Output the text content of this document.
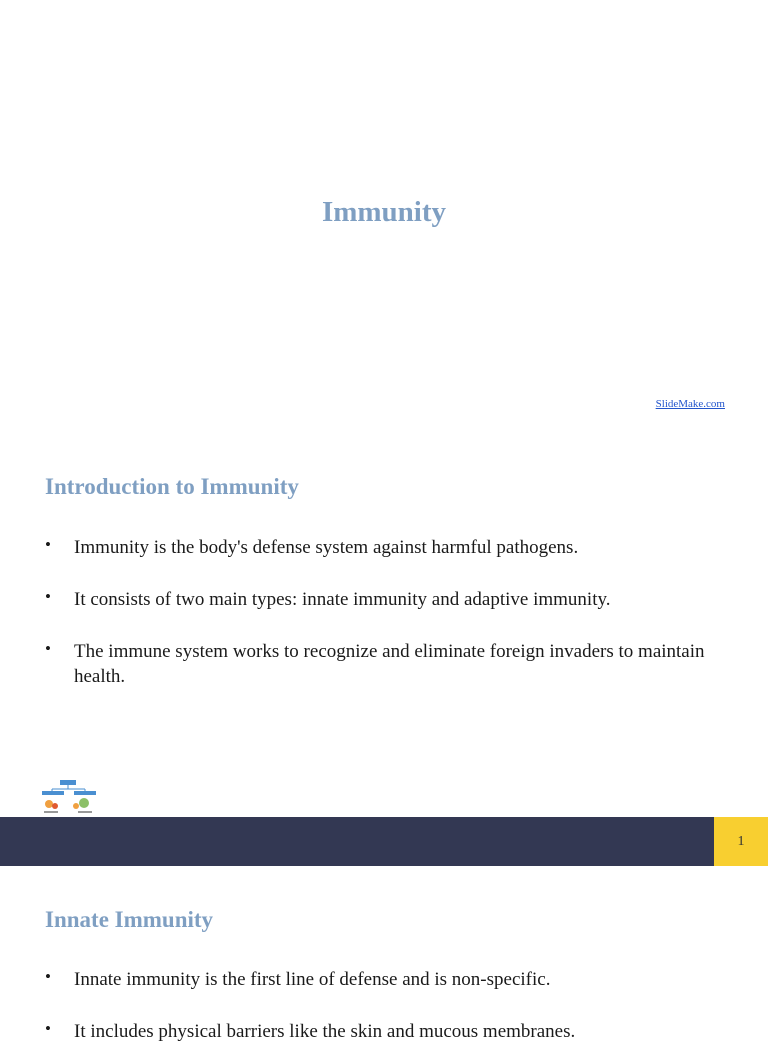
Immunity
SlideMake.com
Introduction to Immunity
• Immunity is the body's defense system against harmful pathogens.
• It consists of two main types: innate immunity and adaptive immunity.
• The immune system works to recognize and eliminate foreign invaders to maintain health.
1
Innate Immunity
• Innate immunity is the first line of defense and is non-specific.
• It includes physical barriers like the skin and mucous membranes.
